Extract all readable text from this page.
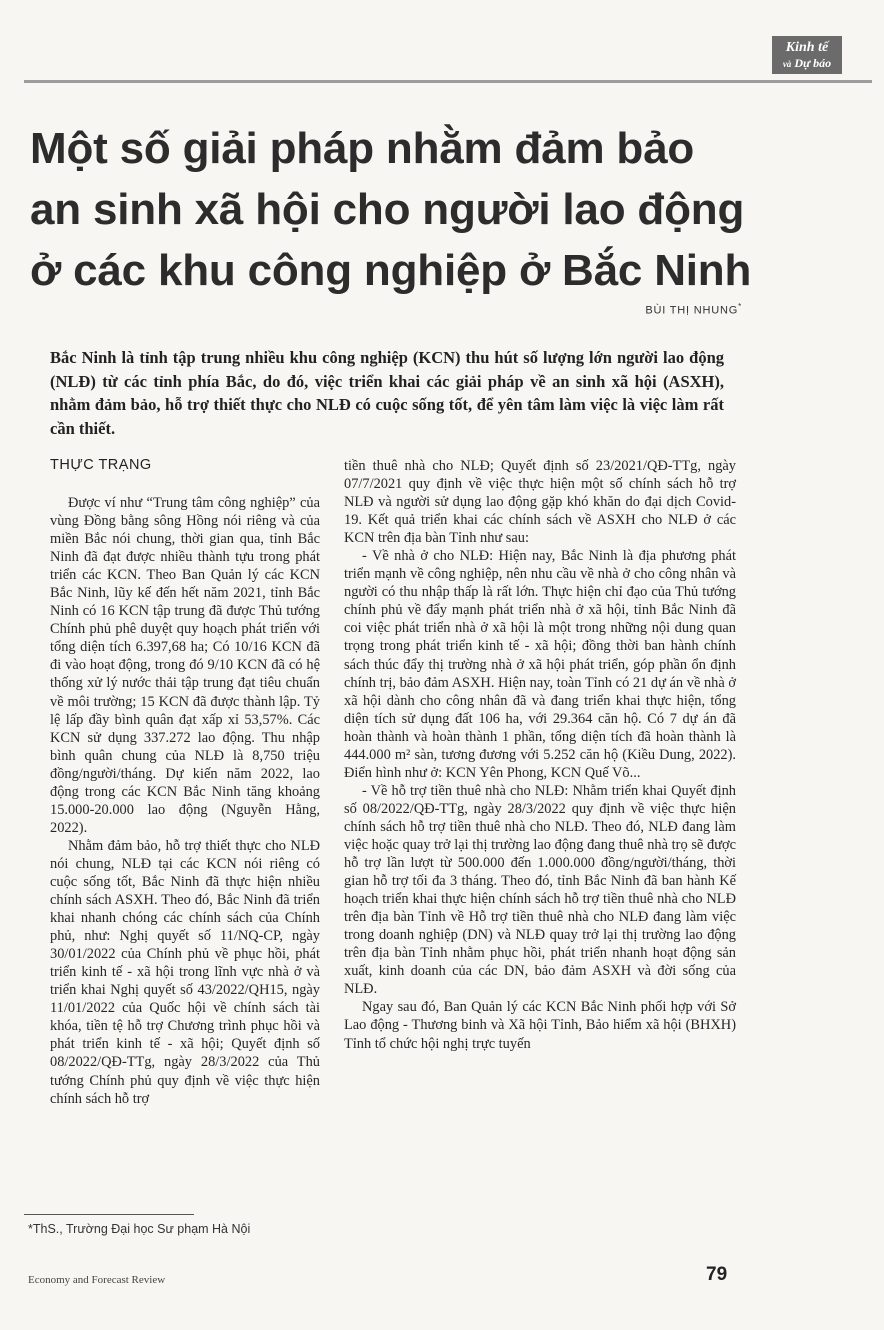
Kinh tế
và Dự báo
Một số giải pháp nhằm đảm bảo
an sinh xã hội cho người lao động
ở các khu công nghiệp ở Bắc Ninh
BÙI THỊ NHUNG*

Bắc Ninh là tỉnh tập trung nhiều khu công nghiệp (KCN) thu hút số lượng lớn người lao động (NLĐ) từ các tỉnh phía Bắc, do đó, việc triển khai các giải pháp về an sinh xã hội (ASXH), nhằm đảm bảo, hỗ trợ thiết thực cho NLĐ có cuộc sống tốt, để yên tâm làm việc là việc làm rất cần thiết.

THỰC TRẠNG

Được ví như “Trung tâm công nghiệp” của vùng Đồng bằng sông Hồng nói riêng và của miền Bắc nói chung, thời gian qua, tỉnh Bắc Ninh đã đạt được nhiều thành tựu trong phát triển các KCN. Theo Ban Quản lý các KCN Bắc Ninh, lũy kế đến hết năm 2021, tỉnh Bắc Ninh có 16 KCN tập trung đã được Thủ tướng Chính phủ phê duyệt quy hoạch phát triển với tổng diện tích 6.397,68 ha; Có 10/16 KCN đã đi vào hoạt động, trong đó 9/10 KCN đã có hệ thống xử lý nước thải tập trung đạt tiêu chuẩn về môi trường; 15 KCN đã được thành lập. Tỷ lệ lấp đầy bình quân đạt xấp xỉ 53,57%. Các KCN sử dụng 337.272 lao động. Thu nhập bình quân chung của NLĐ là 8,750 triệu đồng/người/tháng. Dự kiến năm 2022, lao động trong các KCN Bắc Ninh tăng khoảng 15.000-20.000 lao động (Nguyễn Hằng, 2022).

Nhằm đảm bảo, hỗ trợ thiết thực cho NLĐ nói chung, NLĐ tại các KCN nói riêng có cuộc sống tốt, Bắc Ninh đã thực hiện nhiều chính sách ASXH. Theo đó, Bắc Ninh đã triển khai nhanh chóng các chính sách của Chính phủ, như: Nghị quyết số 11/NQ-CP, ngày 30/01/2022 của Chính phủ về phục hồi, phát triển kinh tế - xã hội trong lĩnh vực nhà ở và triển khai Nghị quyết số 43/2022/QH15, ngày 11/01/2022 của Quốc hội về chính sách tài khóa, tiền tệ hỗ trợ Chương trình phục hồi và phát triển kinh tế - xã hội; Quyết định số 08/2022/QĐ-TTg, ngày 28/3/2022 của Thủ tướng Chính phủ quy định về việc thực hiện chính sách hỗ trợ

tiền thuê nhà cho NLĐ; Quyết định số 23/2021/QĐ-TTg, ngày 07/7/2021 quy định về việc thực hiện một số chính sách hỗ trợ NLĐ và người sử dụng lao động gặp khó khăn do đại dịch Covid-19. Kết quả triển khai các chính sách về ASXH cho NLĐ ở các KCN trên địa bàn Tỉnh như sau:

- Về nhà ở cho NLĐ: Hiện nay, Bắc Ninh là địa phương phát triển mạnh về công nghiệp, nên nhu cầu về nhà ở cho công nhân và người có thu nhập thấp là rất lớn. Thực hiện chỉ đạo của Thủ tướng chính phủ về đẩy mạnh phát triển nhà ở xã hội, tỉnh Bắc Ninh đã coi việc phát triển nhà ở xã hội là một trong những nội dung quan trọng trong phát triển kinh tế - xã hội; đồng thời ban hành chính sách thúc đẩy thị trường nhà ở xã hội phát triển, góp phần ổn định chính trị, bảo đảm ASXH. Hiện nay, toàn Tỉnh có 21 dự án về nhà ở xã hội dành cho công nhân đã và đang triển khai thực hiện, tổng diện tích sử dụng đất 106 ha, với 29.364 căn hộ. Có 7 dự án đã hoàn thành và hoàn thành 1 phần, tổng diện tích đã hoàn thành là 444.000 m² sàn, tương đương với 5.252 căn hộ (Kiều Dung, 2022). Điển hình như ở: KCN Yên Phong, KCN Quế Võ...

- Về hỗ trợ tiền thuê nhà cho NLĐ: Nhằm triển khai Quyết định số 08/2022/QĐ-TTg, ngày 28/3/2022 quy định về việc thực hiện chính sách hỗ trợ tiền thuê nhà cho NLĐ. Theo đó, NLĐ đang làm việc hoặc quay trở lại thị trường lao động đang thuê nhà trọ sẽ được hỗ trợ lần lượt từ 500.000 đến 1.000.000 đồng/người/tháng, thời gian hỗ trợ tối đa 3 tháng. Theo đó, tỉnh Bắc Ninh đã ban hành Kế hoạch triển khai thực hiện chính sách hỗ trợ tiền thuê nhà cho NLĐ trên địa bàn Tỉnh về Hỗ trợ tiền thuê nhà cho NLĐ đang làm việc trong doanh nghiệp (DN) và NLĐ quay trở lại thị trường lao động trên địa bàn Tỉnh nhằm phục hồi, phát triển nhanh hoạt động sản xuất, kinh doanh của các DN, bảo đảm ASXH và đời sống của NLĐ.

Ngay sau đó, Ban Quản lý các KCN Bắc Ninh phối hợp với Sở Lao động - Thương binh và Xã hội Tỉnh, Bảo hiểm xã hội (BHXH) Tỉnh tổ chức hội nghị trực tuyến

*ThS., Trường Đại học Sư phạm Hà Nội
Economy and Forecast Review	79
